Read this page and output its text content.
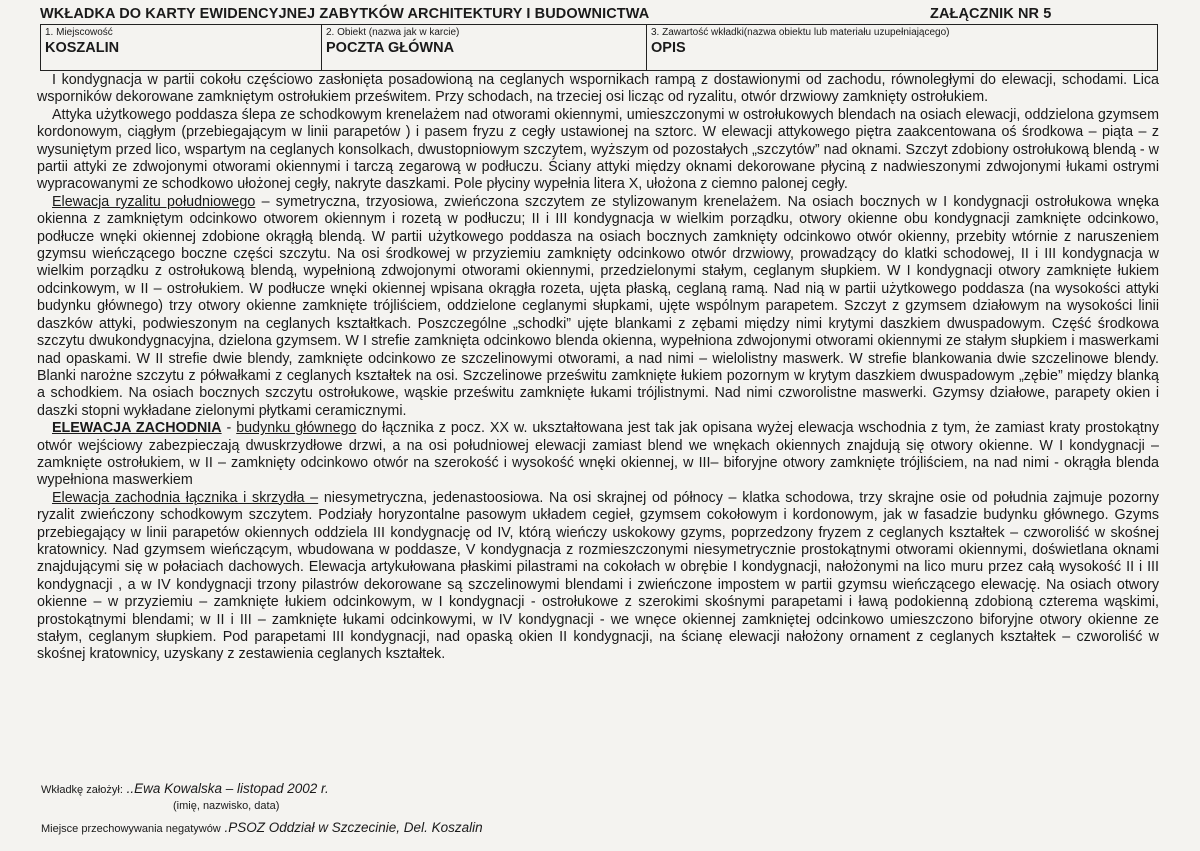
WKŁADKA DO KARTY EWIDENCYJNEJ ZABYTKÓW ARCHITEKTURY I BUDOWNICTWA	ZAŁĄCZNIK NR 5
1. Miejscowość
KOSZALIN
2. Obiekt (nazwa jak w karcie)
POCZTA GŁÓWNA
3. Zawartość wkładki(nazwa obiektu lub materiału uzupełniającego)
OPIS

I kondygnacja w partii cokołu częściowo zasłonięta posadowioną na ceglanych wspornikach rampą z dostawionymi od zachodu, równoległymi do elewacji, schodami. Lica wsporników dekorowane zamkniętym ostrołukiem prześwitem. Przy schodach, na trzeciej osi licząc od ryzalitu, otwór drzwiowy zamknięty ostrołukiem.

Attyka użytkowego poddasza ślepa ze schodkowym krenelażem nad otworami okiennymi, umieszczonymi w ostrołukowych blendach na osiach elewacji, oddzielona gzymsem kordonowym, ciągłym (przebiegającym w linii parapetów ) i pasem fryzu z cegły ustawionej na sztorc. W elewacji attykowego piętra zaakcentowana oś środkowa – piąta – z wysuniętym przed lico, wspartym na ceglanych konsolkach, dwustopniowym szczytem, wyższym od pozostałych „szczytów” nad oknami. Szczyt zdobiony ostrołukową blendą - w partii attyki ze zdwojonymi otworami okiennymi i tarczą zegarową w podłuczu. Ściany attyki między oknami dekorowane płyciną z nadwieszonymi zdwojonymi łukami ostrymi wypracowanymi ze schodkowo ułożonej cegły, nakryte daszkami. Pole płyciny wypełnia litera X, ułożona z ciemno palonej cegły.

Elewacja ryzalitu południowego – symetryczna, trzyosiowa, zwieńczona szczytem ze stylizowanym krenelażem. Na osiach bocznych w I kondygnacji ostrołukowa wnęka okienna z zamkniętym odcinkowo otworem okiennym i rozetą w podłuczu; II i III kondygnacja w wielkim porządku, otwory okienne obu kondygnacji zamknięte odcinkowo, podłucze wnęki okiennej zdobione okrągłą blendą. W partii użytkowego poddasza na osiach bocznych zamknięty odcinkowo otwór okienny, przebity wtórnie z naruszeniem gzymsu wieńczącego boczne części szczytu. Na osi środkowej w przyziemiu zamknięty odcinkowo otwór drzwiowy, prowadzący do klatki schodowej, II i III kondygnacja w wielkim porządku z ostrołukową blendą, wypełnioną zdwojonymi otworami okiennymi, przedzielonymi stałym, ceglanym słupkiem. W I kondygnacji otwory zamknięte łukiem odcinkowym, w II – ostrołukiem. W podłucze wnęki okiennej wpisana okrągła rozeta, ujęta płaską, ceglaną ramą. Nad nią w partii użytkowego poddasza (na wysokości attyki budynku głównego) trzy otwory okienne zamknięte trójliściem, oddzielone ceglanymi słupkami, ujęte wspólnym parapetem. Szczyt z gzymsem działowym na wysokości linii daszków attyki, podwieszonym na ceglanych kształtkach. Poszczególne „schodki” ujęte blankami z zębami między nimi krytymi daszkiem dwuspadowym. Część środkowa szczytu dwukondygnacyjna, dzielona gzymsem. W I strefie zamknięta odcinkowo blenda okienna, wypełniona zdwojonymi otworami okiennymi ze stałym słupkiem i maswerkami nad opaskami. W II strefie dwie blendy, zamknięte odcinkowo ze szczelinowymi otworami, a nad nimi – wielolistny maswerk. W strefie blankowania dwie szczelinowe blendy. Blanki narożne szczytu z półwałkami z ceglanych kształtek na osi. Szczelinowe prześwitu zamknięte łukiem pozornym w krytym daszkiem dwuspadowym „zębie” między blanką a schodkiem. Na osiach bocznych szczytu ostrołukowe, wąskie prześwitu zamknięte łukami trójlistnymi. Nad nimi czworolistne maswerki. Gzymsy działowe, parapety okien i daszki stopni wykładane zielonymi płytkami ceramicznymi.

ELEWACJA ZACHODNIA - budynku głównego do łącznika z pocz. XX w. ukształtowana jest tak jak opisana wyżej elewacja wschodnia z tym, że zamiast kraty prostokątny otwór wejściowy zabezpieczają dwuskrzydłowe drzwi, a na osi południowej elewacji zamiast blend we wnękach okiennych znajdują się otwory okienne. W I kondygnacji – zamknięte ostrołukiem, w II – zamknięty odcinkowo otwór na szerokość i wysokość wnęki okiennej, w III– biforyjne otwory zamknięte trójliściem, na nad nimi - okrągła blenda wypełniona maswerkiem

Elewacja zachodnia łącznika i skrzydła – niesymetryczna, jedenastoosiowa. Na osi skrajnej od północy – klatka schodowa, trzy skrajne osie od południa zajmuje pozorny ryzalit zwieńczony schodkowym szczytem. Podziały horyzontalne pasowym układem cegieł, gzymsem cokołowym i kordonowym, jak w fasadzie budynku głównego. Gzyms przebiegający w linii parapetów okiennych oddziela III kondygnację od IV, którą wieńczy uskokowy gzyms, poprzedzony fryzem z ceglanych kształtek – czworoliść w skośnej kratownicy. Nad gzymsem wieńczącym, wbudowana w poddasze, V kondygnacja z rozmieszczonymi niesymetrycznie prostokątnymi otworami okiennymi, doświetlana oknami znajdującymi się w połaciach dachowych. Elewacja artykułowana płaskimi pilastrami na cokołach w obrębie I kondygnacji, nałożonymi na lico muru przez całą wysokość II i III kondygnacji , a w IV kondygnacji trzony pilastrów dekorowane są szczelinowymi blendami i zwieńczone impostem w partii gzymsu wieńczącego elewację. Na osiach otwory okienne – w przyziemiu – zamknięte łukiem odcinkowym, w I kondygnacji - ostrołukowe z szerokimi skośnymi parapetami i ławą podokienną zdobioną czterema wąskimi, prostokątnymi blendami; w II i III – zamknięte łukami odcinkowymi, w IV kondygnacji - we wnęce okiennej zamkniętej odcinkowo umieszczono biforyjne otwory okienne ze stałym, ceglanym słupkiem. Pod parapetami III kondygnacji, nad opaską okien II kondygnacji, na ścianę elewacji nałożony ornament z ceglanych kształtek – czworoliść w skośnej kratownicy, uzyskany z zestawienia ceglanych kształtek.

Wkładkę założył: ..Ewa Kowalska – listopad 2002 r.
(imię, nazwisko, data)
Miejsce przechowywania negatywów .PSOZ Oddział w Szczecinie, Del. Koszalin
